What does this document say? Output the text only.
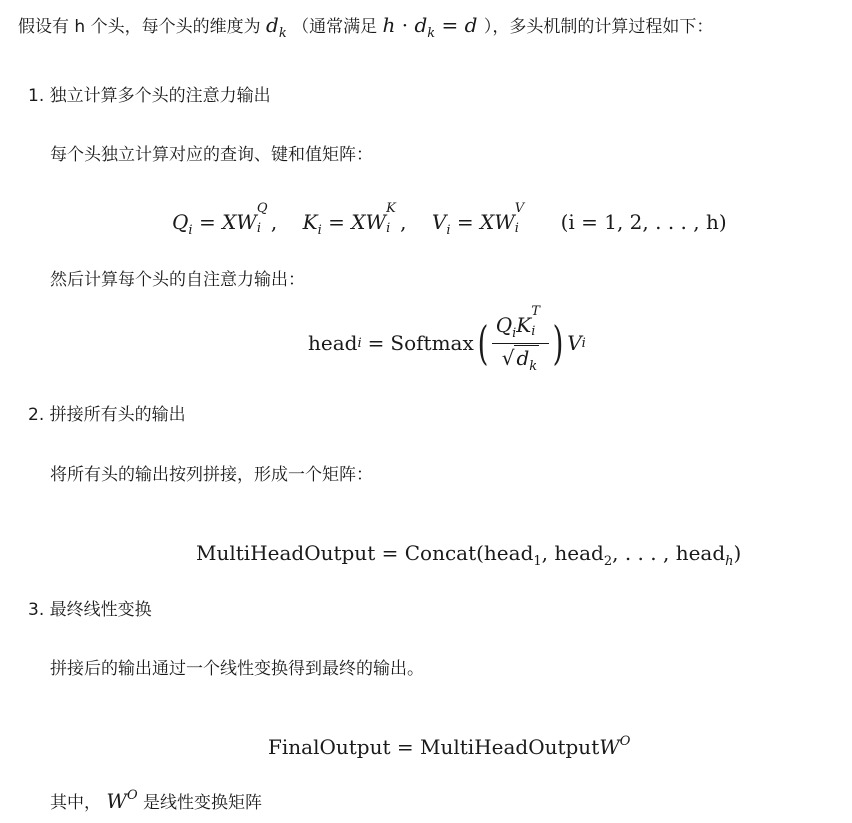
假设有 h 个头，每个头的维度为 $d_k$ （通常满足 $h \cdot d_k = d$ ），多头机制的计算过程如下：
1. 独立计算多个头的注意力输出
每个头独立计算对应的查询、键和值矩阵：
$Q_i$ = XW
Q
i , $K_i$ = XW
K
i , $V_i$ = XW
V
i (i = 1, 2, . . . , h)
然后计算每个头的自注意力输出：
head i = Softmax ( $Q_iK$
T
i
√ $d_k$ ) V i
2. 拼接所有头的输出
将所有头的输出按列拼接，形成一个矩阵：
MultiHeadOutput = Concat(head$_1$, head$_2$, . . . , head$_h$)
3. 最终线性变换
拼接后的输出通过一个线性变换得到最终的输出。
FinalOutput = MultiHeadOutputW$^O$
其中， $W^O$ 是线性变换矩阵
